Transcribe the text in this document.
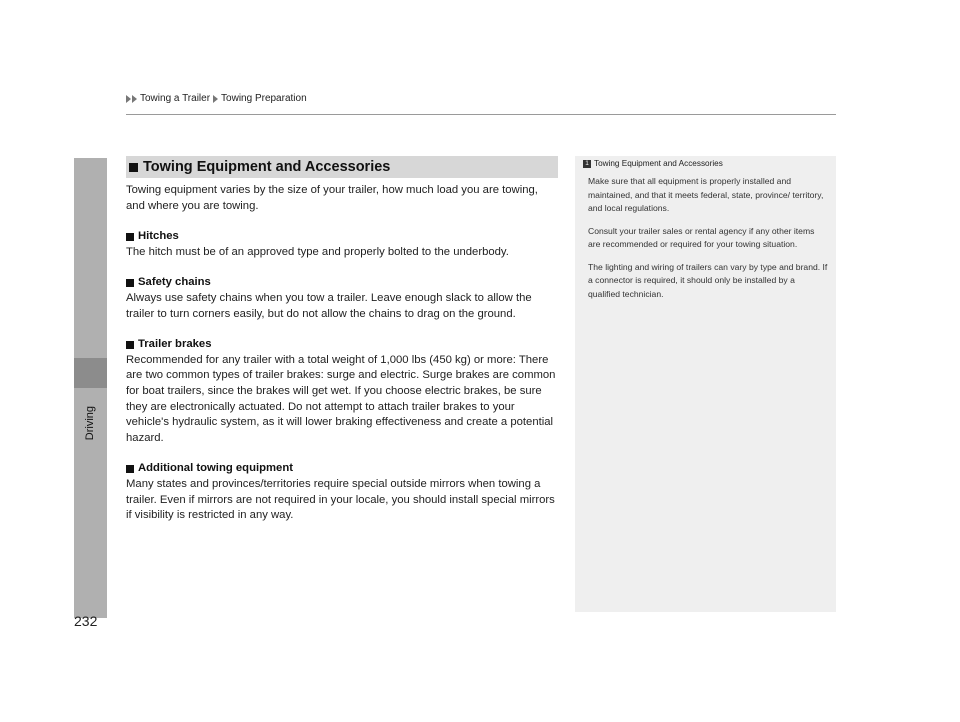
Towing a Trailer Towing Preparation
Driving
232
Towing Equipment and Accessories

Towing equipment varies by the size of your trailer, how much load you are towing, and where you are towing.

Hitches

The hitch must be of an approved type and properly bolted to the underbody.

Safety chains

Always use safety chains when you tow a trailer. Leave enough slack to allow the trailer to turn corners easily, but do not allow the chains to drag on the ground.

Trailer brakes

Recommended for any trailer with a total weight of 1,000 lbs (450 kg) or more: There are two common types of trailer brakes: surge and electric. Surge brakes are common for boat trailers, since the brakes will get wet. If you choose electric brakes, be sure they are electronically actuated. Do not attempt to attach trailer brakes to your vehicle's hydraulic system, as it will lower braking effectiveness and create a potential hazard.

Additional towing equipment

Many states and provinces/territories require special outside mirrors when towing a trailer. Even if mirrors are not required in your locale, you should install special mirrors if visibility is restricted in any way.

1 Towing Equipment and Accessories

Make sure that all equipment is properly installed and maintained, and that it meets federal, state, province/ territory, and local regulations.

Consult your trailer sales or rental agency if any other items are recommended or required for your towing situation.

The lighting and wiring of trailers can vary by type and brand. If a connector is required, it should only be installed by a qualified technician.
